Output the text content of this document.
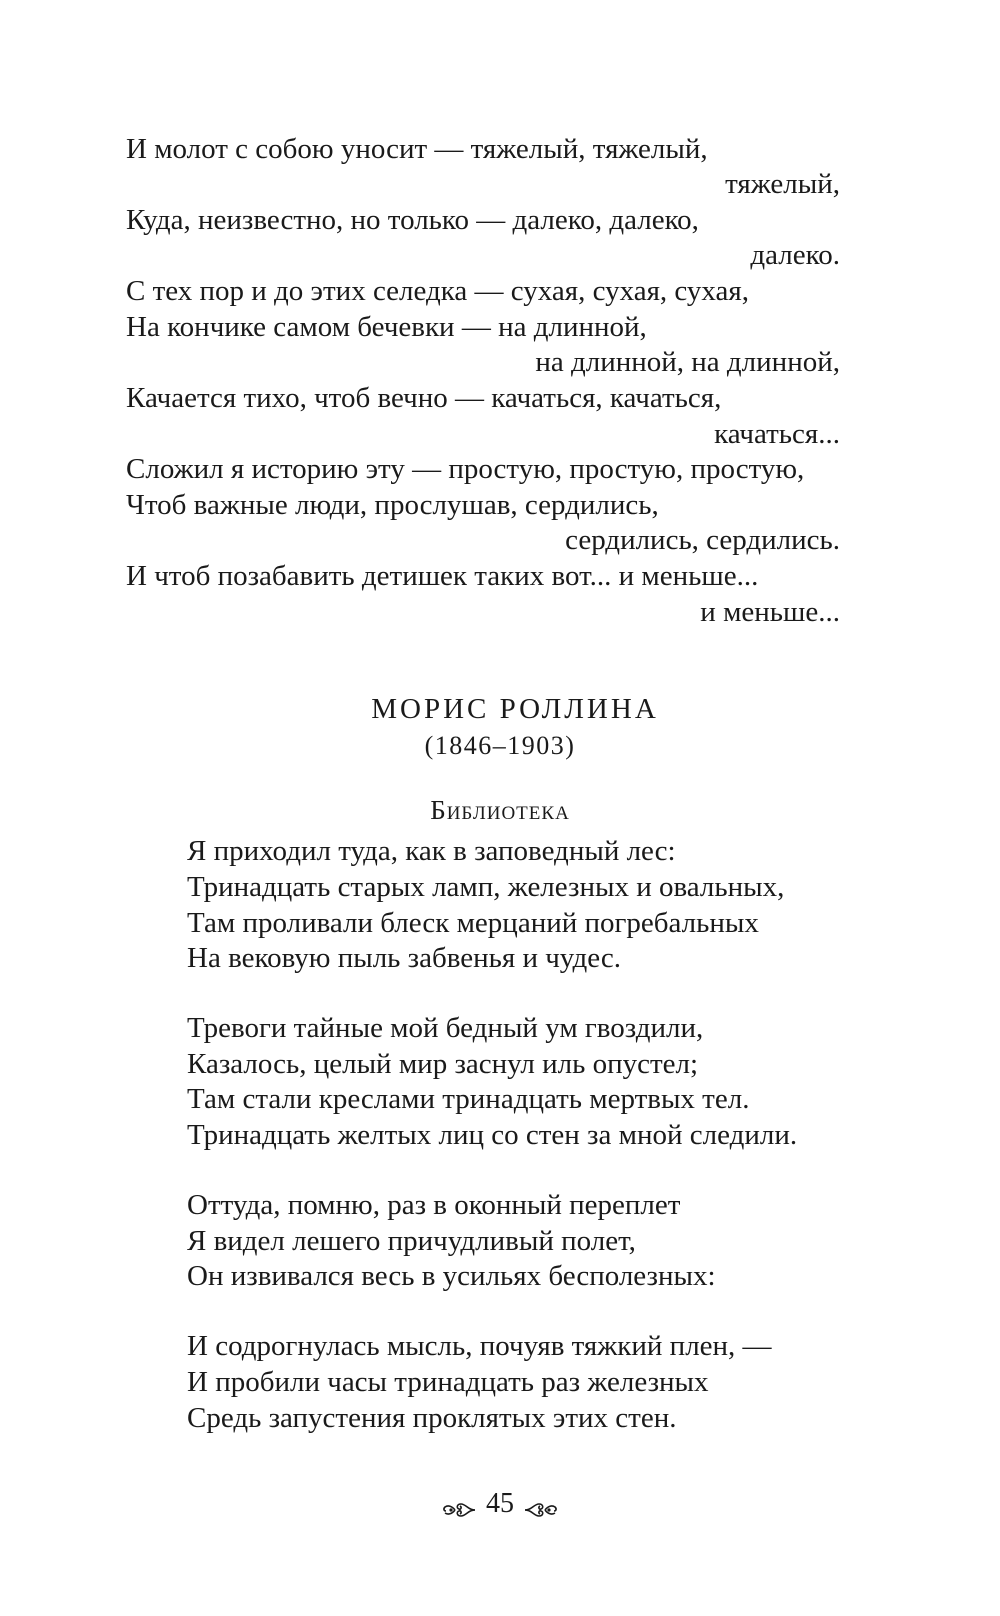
И молот с собою уносит — тяжелый, тяжелый,
тяжелый,
Куда, неизвестно, но только — далеко, далеко,
далеко.
С тех пор и до этих селедка — сухая, сухая, сухая,
На кончике самом бечевки — на длинной,
на длинной, на длинной,
Качается тихо, чтоб вечно — качаться, качаться,
качаться...
Сложил я историю эту — простую, простую, простую,
Чтоб важные люди, прослушав, сердились,
сердились, сердились.
И чтоб позабавить детишек таких вот... и меньше...
и меньше...
МОРИС РОЛЛИНА
(1846–1903)
Библиотека
Я приходил туда, как в заповедный лес:
Тринадцать старых ламп, железных и овальных,
Там проливали блеск мерцаний погребальных
На вековую пыль забвенья и чудес.
Тревоги тайные мой бедный ум гвоздили,
Казалось, целый мир заснул иль опустел;
Там стали креслами тринадцать мертвых тел.
Тринадцать желтых лиц со стен за мной следили.
Оттуда, помню, раз в оконный переплет
Я видел лешего причудливый полет,
Он извивался весь в усильях бесполезных:
И содрогнулась мысль, почуяв тяжкий плен, —
И пробили часы тринадцать раз железных
Средь запустения проклятых этих стен.
45
